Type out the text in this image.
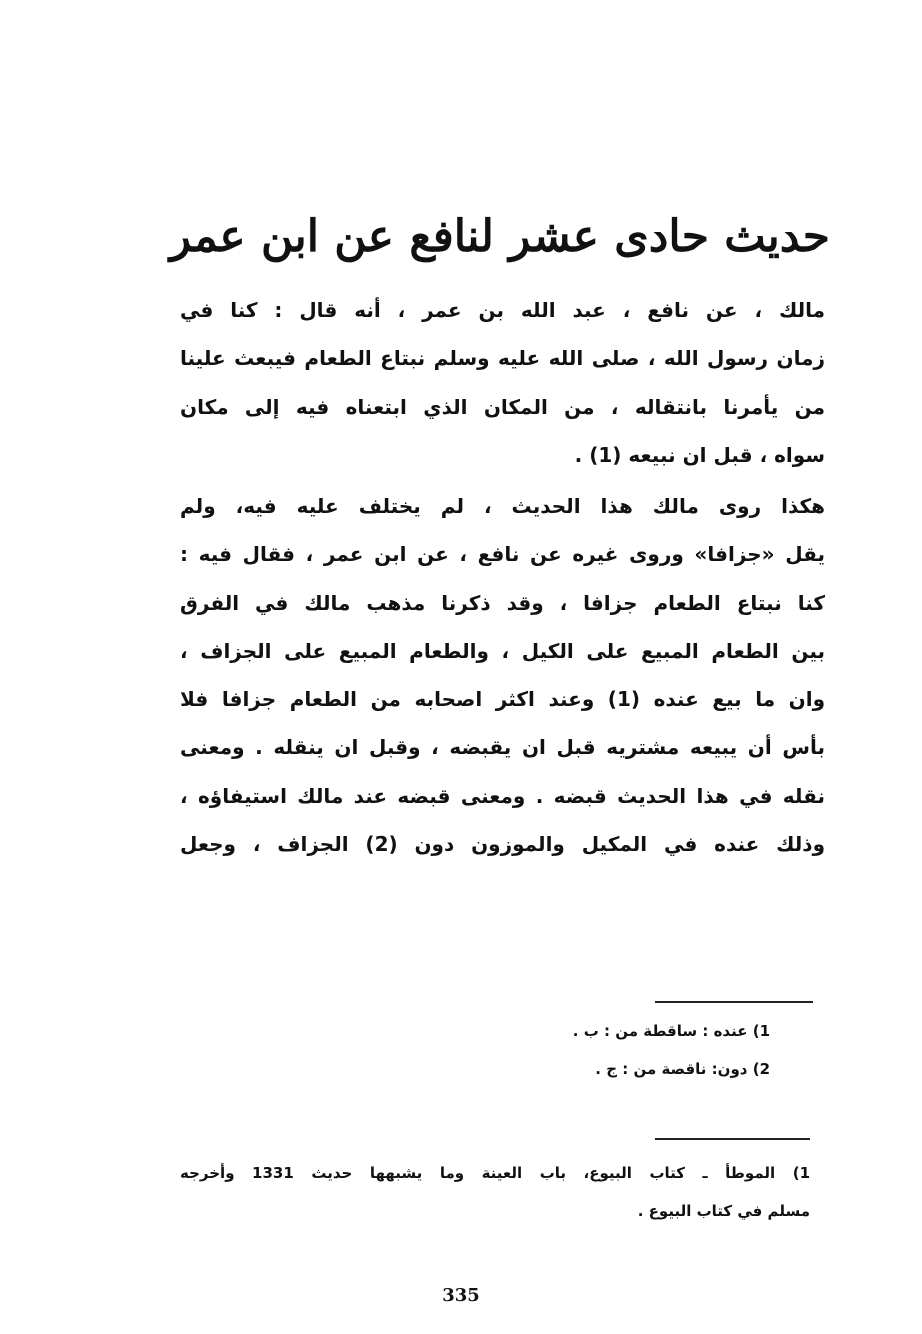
حديث حادى عشر لنافع عن ابن عمر
مالك ، عن نافع ، عبد الله بن عمر ، أنه قال : كنا في
زمان رسول الله ، صلى الله عليه وسلم نبتاع الطعام فيبعث علينا
من يأمرنا بانتقاله ، من المكان الذي ابتعناه فيه إلى مكان
سواه ، قبل ان نبيعه (1) .
هكذا روى مالك هذا الحديث ، لم يختلف عليه فيه، ولم
يقل «جزافا» وروى غيره عن نافع ، عن ابن عمر ، فقال فيه :
كنا نبتاع الطعام جزافا ، وقد ذكرنا مذهب مالك في الفرق
بين الطعام المبيع على الكيل ، والطعام المبيع على الجزاف ،
وان ما بيع عنده (1) وعند اكثر اصحابه من الطعام جزافا فلا
بأس أن يبيعه مشتريه قبل ان يقبضه ، وقبل ان ينقله . ومعنى
نقله في هذا الحديث قبضه . ومعنى قبضه عند مالك استيفاؤه ،
وذلك عنده في المكيل والموزون دون (2) الجزاف ، وجعل
1) عنده : ساقطة من : ب .
2) دون: ناقصة من : ج .
1) الموطأ ـ كتاب البيوع، باب العينة وما يشبهها حديث 1331 وأخرجه
مسلم في كتاب البيوع .
335
